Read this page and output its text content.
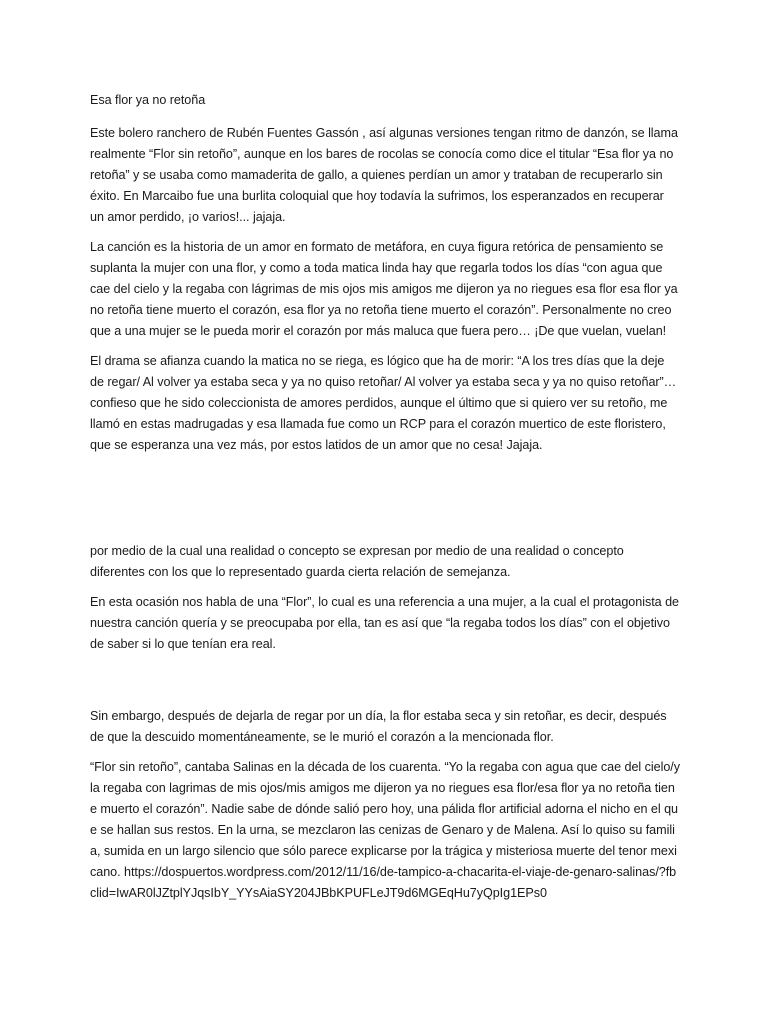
Esa flor ya no retoña

Este bolero ranchero de Rubén Fuentes Gassón , así algunas versiones tengan ritmo de danzón, se llama realmente “Flor sin retoño”, aunque en los bares de rocolas se conocía como dice el titular “Esa flor ya no retoña” y se usaba como mamaderita de gallo, a quienes perdían un amor y trataban de recuperarlo sin éxito. En Marcaibo fue una burlita coloquial que hoy todavía la sufrimos, los esperanzados en recuperar un amor perdido, ¡o varios!... jajaja.

La canción es la historia de un amor en formato de metáfora, en cuya figura retórica de pensamiento se suplanta la mujer con una flor, y como a toda matica linda hay que regarla todos los días “con agua que cae del cielo y la regaba con lágrimas de mis ojos mis amigos me dijeron ya no riegues esa flor esa flor ya no retoña tiene muerto el corazón, esa flor ya no retoña tiene muerto el corazón”. Personalmente no creo que a una mujer se le pueda morir el corazón por más maluca que fuera pero… ¡De que vuelan, vuelan!

El drama se afianza cuando la matica no se riega, es lógico que ha de morir: “A los tres días que la deje de regar/ Al volver ya estaba seca y ya no quiso retoñar/ Al volver ya estaba seca y ya no quiso retoñar”… confieso que he sido coleccionista de amores perdidos, aunque el último que si quiero ver su retoño, me llamó en estas madrugadas y esa llamada fue como un RCP para el corazón muertico de este floristero, que se esperanza una vez más, por estos latidos de un amor que no cesa! Jajaja.

por medio de la cual una realidad o concepto se expresan por medio de una realidad o concepto diferentes con los que lo representado guarda cierta relación de semejanza.

En esta ocasión nos habla de una “Flor”, lo cual es una referencia a una mujer, a la cual el protagonista de nuestra canción quería y se preocupaba por ella, tan es así que “la regaba todos los días” con el objetivo de saber si lo que tenían era real.

Sin embargo, después de dejarla de regar por un día, la flor estaba seca y sin retoñar, es decir, después de que la descuido momentáneamente, se le murió el corazón a la mencionada flor.

“Flor sin retoño”, cantaba Salinas en la década de los cuarenta. “Yo la regaba con agua que cae del cielo/y la regaba con lagrimas de mis ojos/mis amigos me dijeron ya no riegues esa flor/esa flor ya no retoña tiene muerto el corazón”. Nadie sabe de dónde salió pero hoy, una pálida flor artificial adorna el nicho en el que se hallan sus restos. En la urna, se mezclaron las cenizas de Genaro y de Malena. Así lo quiso su familia, sumida en un largo silencio que sólo parece explicarse por la trágica y misteriosa muerte del tenor mexicano. https://dospuertos.wordpress.com/2012/11/16/de-tampico-a-chacarita-el-viaje-de-genaro-salinas/?fbclid=IwAR0lJZtplYJqsIbY_YYsAiaSY204JBbKPUFLeJT9d6MGEqHu7yQpIg1EPs0
